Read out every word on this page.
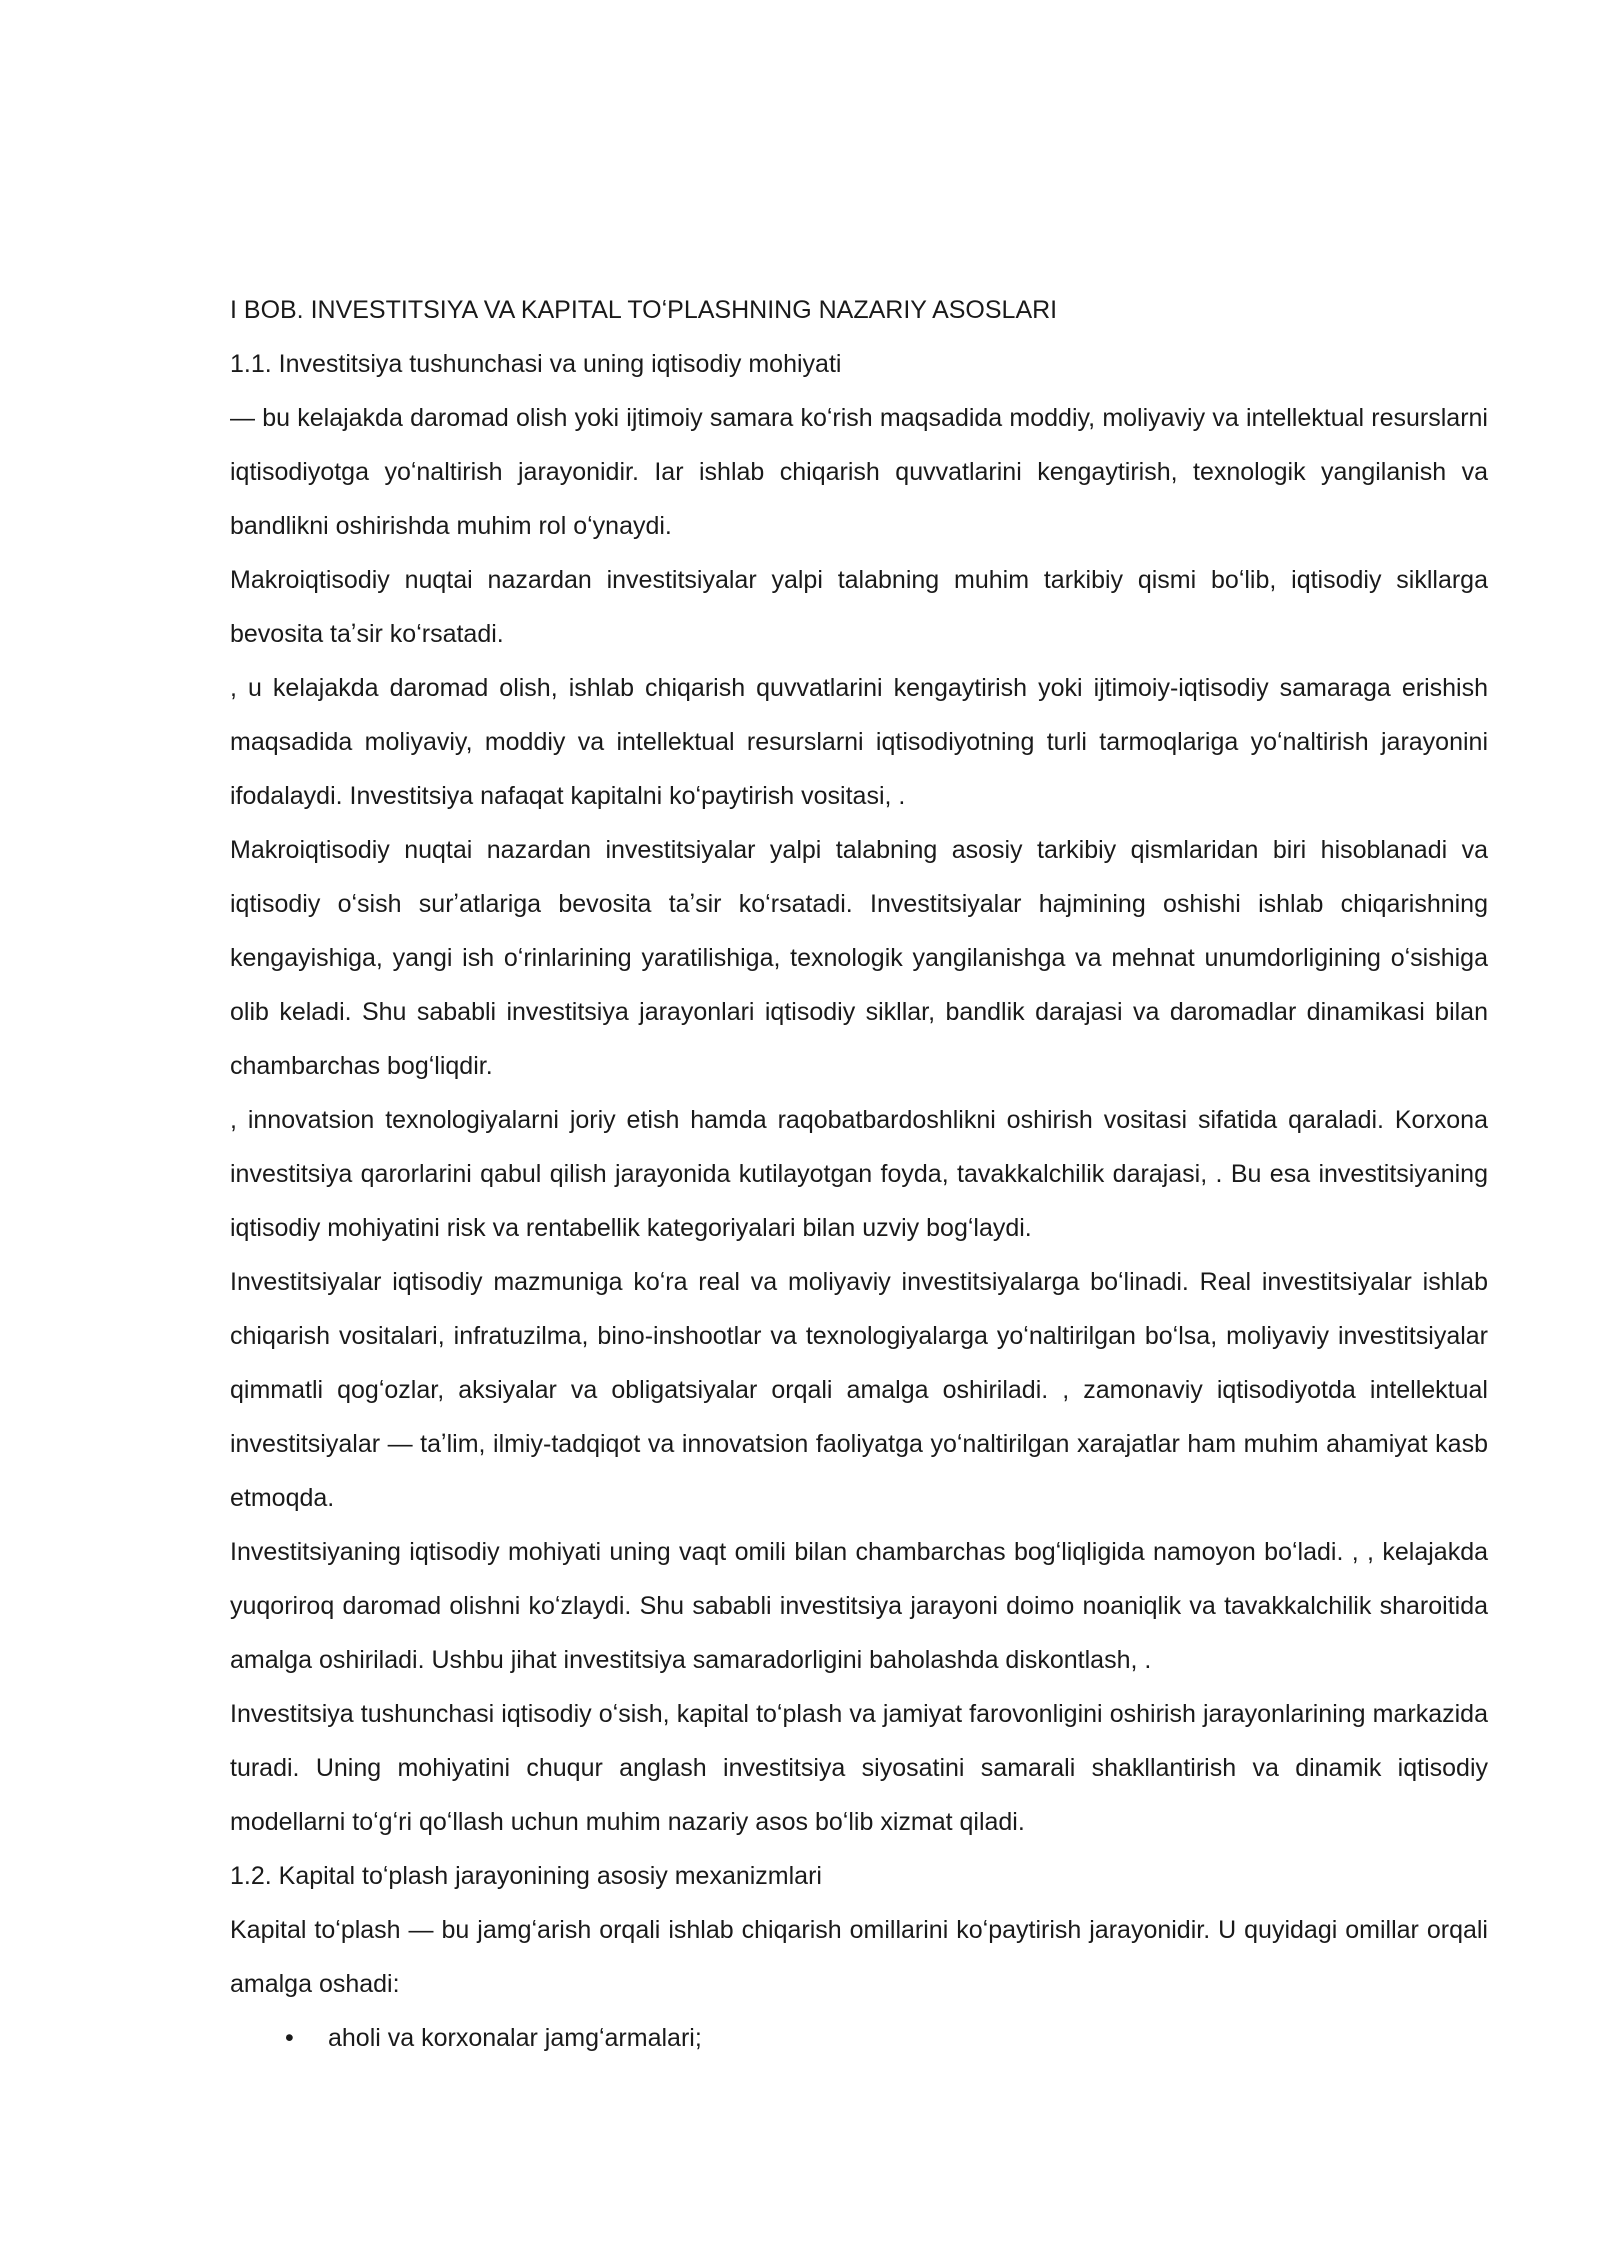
I BOB. INVESTITSIYA VA KAPITAL TOʻPLASHNING NAZARIY ASOSLARI

1.1. Investitsiya tushunchasi va uning iqtisodiy mohiyati

— bu kelajakda daromad olish yoki ijtimoiy samara koʻrish maqsadida moddiy, moliyaviy va intellektual resurslarni iqtisodiyotga yoʻnaltirish jarayonidir. Iar ishlab chiqarish quvvatlarini kengaytirish, texnologik yangilanish va bandlikni oshirishda muhim rol oʻynaydi.

Makroiqtisodiy nuqtai nazardan investitsiyalar yalpi talabning muhim tarkibiy qismi boʻlib, iqtisodiy sikllarga bevosita taʼsir koʻrsatadi.

, u kelajakda daromad olish, ishlab chiqarish quvvatlarini kengaytirish yoki ijtimoiy-iqtisodiy samaraga erishish maqsadida moliyaviy, moddiy va intellektual resurslarni iqtisodiyotning turli tarmoqlariga yoʻnaltirish jarayonini ifodalaydi. Investitsiya nafaqat kapitalni koʻpaytirish vositasi, .

Makroiqtisodiy nuqtai nazardan investitsiyalar yalpi talabning asosiy tarkibiy qismlaridan biri hisoblanadi va iqtisodiy oʻsish surʼatlariga bevosita taʼsir koʻrsatadi. Investitsiyalar hajmining oshishi ishlab chiqarishning kengayishiga, yangi ish oʻrinlarining yaratilishiga, texnologik yangilanishga va mehnat unumdorligining oʻsishiga olib keladi. Shu sababli investitsiya jarayonlari iqtisodiy sikllar, bandlik darajasi va daromadlar dinamikasi bilan chambarchas bogʻliqdir.

, innovatsion texnologiyalarni joriy etish hamda raqobatbardoshlikni oshirish vositasi sifatida qaraladi. Korxona investitsiya qarorlarini qabul qilish jarayonida kutilayotgan foyda, tavakkalchilik darajasi, . Bu esa investitsiyaning iqtisodiy mohiyatini risk va rentabellik kategoriyalari bilan uzviy bogʻlaydi.

Investitsiyalar iqtisodiy mazmuniga koʻra real va moliyaviy investitsiyalarga boʻlinadi. Real investitsiyalar ishlab chiqarish vositalari, infratuzilma, bino-inshootlar va texnologiyalarga yoʻnaltirilgan boʻlsa, moliyaviy investitsiyalar qimmatli qogʻozlar, aksiyalar va obligatsiyalar orqali amalga oshiriladi. , zamonaviy iqtisodiyotda intellektual investitsiyalar — taʼlim, ilmiy-tadqiqot va innovatsion faoliyatga yoʻnaltirilgan xarajatlar ham muhim ahamiyat kasb etmoqda.

Investitsiyaning iqtisodiy mohiyati uning vaqt omili bilan chambarchas bogʻliqligida namoyon boʻladi. , , kelajakda yuqoriroq daromad olishni koʻzlaydi. Shu sababli investitsiya jarayoni doimo noaniqlik va tavakkalchilik sharoitida amalga oshiriladi. Ushbu jihat investitsiya samaradorligini baholashda diskontlash, .

Investitsiya tushunchasi iqtisodiy oʻsish, kapital toʻplash va jamiyat farovonligini oshirish jarayonlarining markazida turadi. Uning mohiyatini chuqur anglash investitsiya siyosatini samarali shakllantirish va dinamik iqtisodiy modellarni toʻgʻri qoʻllash uchun muhim nazariy asos boʻlib xizmat qiladi.

1.2. Kapital toʻplash jarayonining asosiy mexanizmlari

Kapital toʻplash — bu jamgʻarish orqali ishlab chiqarish omillarini koʻpaytirish jarayonidir. U quyidagi omillar orqali amalga oshadi:

• aholi va korxonalar jamgʻarmalari;
